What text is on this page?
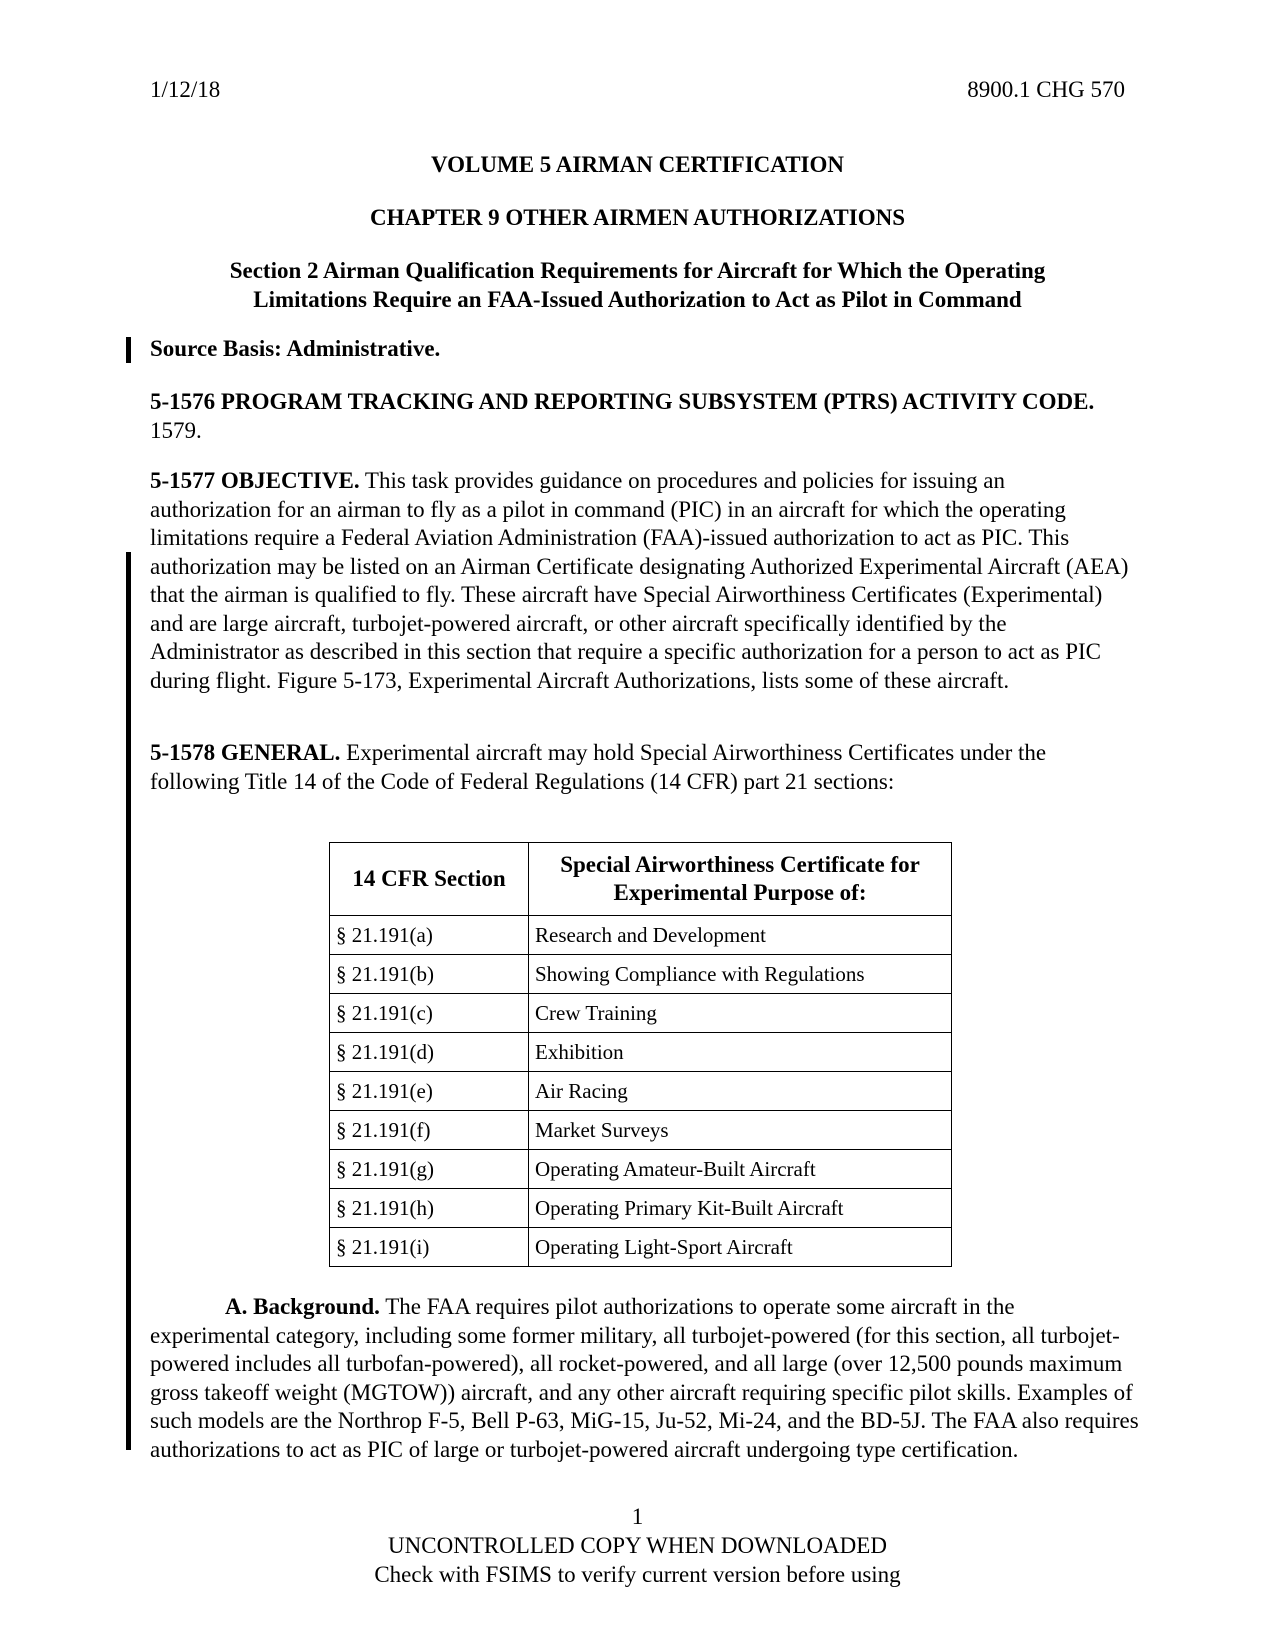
1/12/18	8900.1 CHG 570
VOLUME 5 AIRMAN CERTIFICATION
CHAPTER 9 OTHER AIRMEN AUTHORIZATIONS
Section 2 Airman Qualification Requirements for Aircraft for Which the Operating
Limitations Require an FAA-Issued Authorization to Act as Pilot in Command
Source Basis: Administrative.
5-1576 PROGRAM TRACKING AND REPORTING SUBSYSTEM (PTRS) ACTIVITY CODE. 1579.
5-1577 OBJECTIVE. This task provides guidance on procedures and policies for issuing an authorization for an airman to fly as a pilot in command (PIC) in an aircraft for which the operating limitations require a Federal Aviation Administration (FAA)-issued authorization to act as PIC. This authorization may be listed on an Airman Certificate designating Authorized Experimental Aircraft (AEA) that the airman is qualified to fly. These aircraft have Special Airworthiness Certificates (Experimental) and are large aircraft, turbojet-powered aircraft, or other aircraft specifically identified by the Administrator as described in this section that require a specific authorization for a person to act as PIC during flight. Figure 5-173, Experimental Aircraft Authorizations, lists some of these aircraft.
5-1578 GENERAL. Experimental aircraft may hold Special Airworthiness Certificates under the following Title 14 of the Code of Federal Regulations (14 CFR) part 21 sections:
14 CFR Section	Special Airworthiness Certificate for Experimental Purpose of:
§ 21.191(a)	Research and Development
§ 21.191(b)	Showing Compliance with Regulations
§ 21.191(c)	Crew Training
§ 21.191(d)	Exhibition
§ 21.191(e)	Air Racing
§ 21.191(f)	Market Surveys
§ 21.191(g)	Operating Amateur-Built Aircraft
§ 21.191(h)	Operating Primary Kit-Built Aircraft
§ 21.191(i)	Operating Light-Sport Aircraft
A. Background. The FAA requires pilot authorizations to operate some aircraft in the experimental category, including some former military, all turbojet-powered (for this section, all turbojet-powered includes all turbofan-powered), all rocket-powered, and all large (over 12,500 pounds maximum gross takeoff weight (MGTOW)) aircraft, and any other aircraft requiring specific pilot skills. Examples of such models are the Northrop F-5, Bell P-63, MiG-15, Ju-52, Mi-24, and the BD-5J. The FAA also requires authorizations to act as PIC of large or turbojet-powered aircraft undergoing type certification.
1
UNCONTROLLED COPY WHEN DOWNLOADED
Check with FSIMS to verify current version before using
